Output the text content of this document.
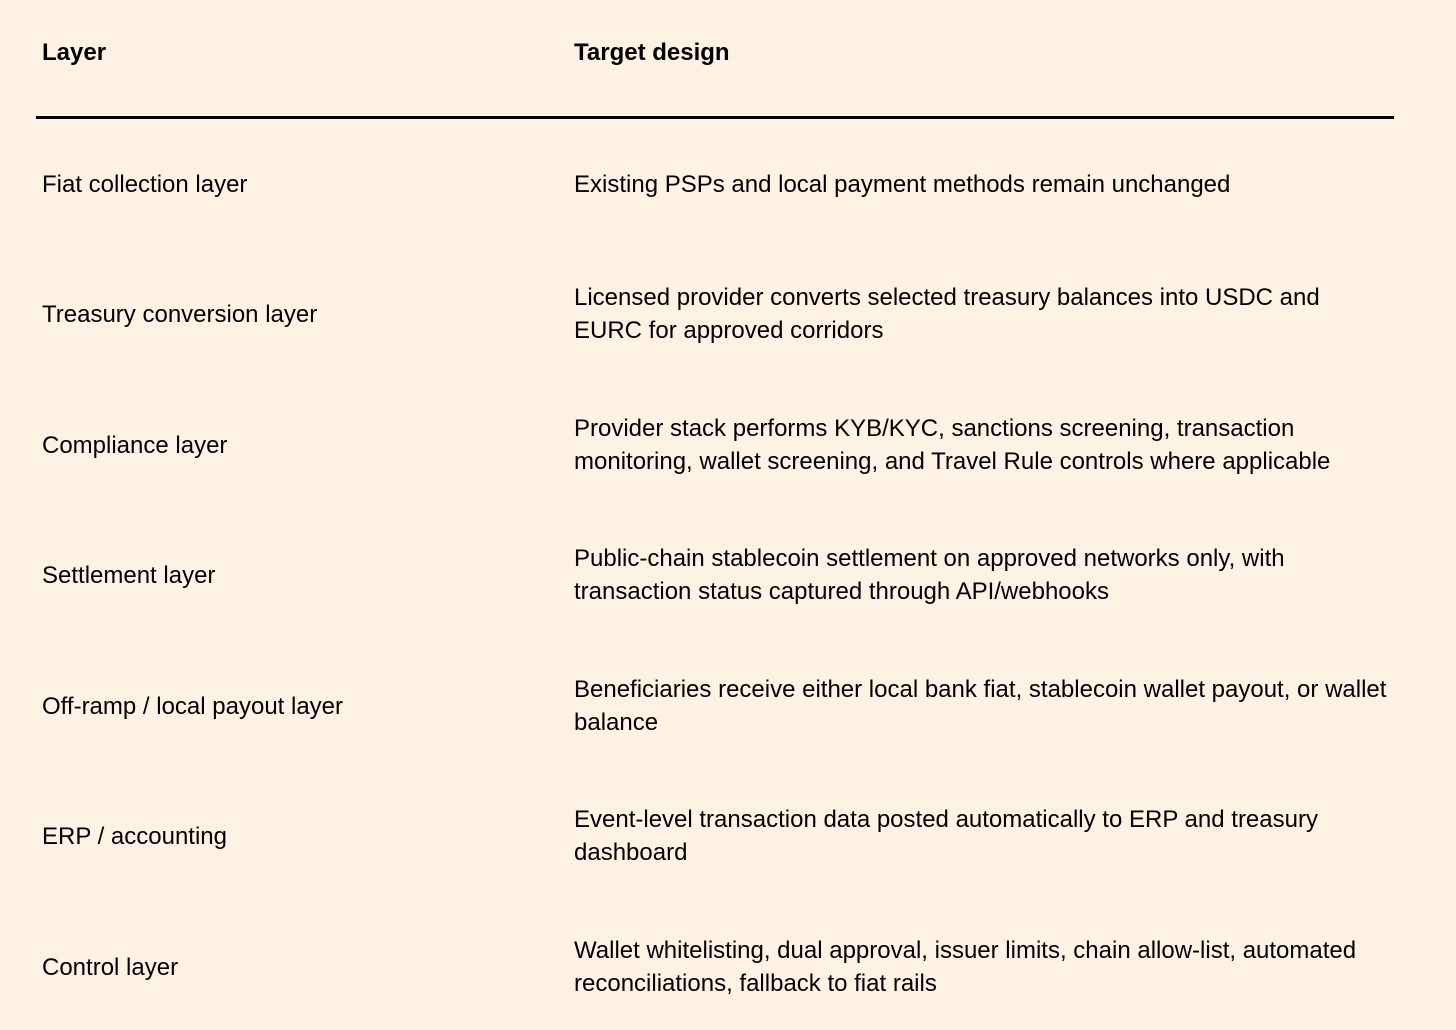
Layer	Target design
Fiat collection layer	Existing PSPs and local payment methods remain unchanged
Treasury conversion layer
Licensed provider converts selected treasury balances into USDC and EURC for approved corridors
Compliance layer
Provider stack performs KYB/KYC, sanctions screening, transaction monitoring, wallet screening, and Travel Rule controls where applicable
Settlement layer
Public-chain stablecoin settlement on approved networks only, with transaction status captured through API/webhooks
Off-ramp / local payout layer
Beneficiaries receive either local bank fiat, stablecoin wallet payout, or wallet balance
ERP / accounting
Event-level transaction data posted automatically to ERP and treasury dashboard
Control layer
Wallet whitelisting, dual approval, issuer limits, chain allow-list, automated reconciliations, fallback to fiat rails
